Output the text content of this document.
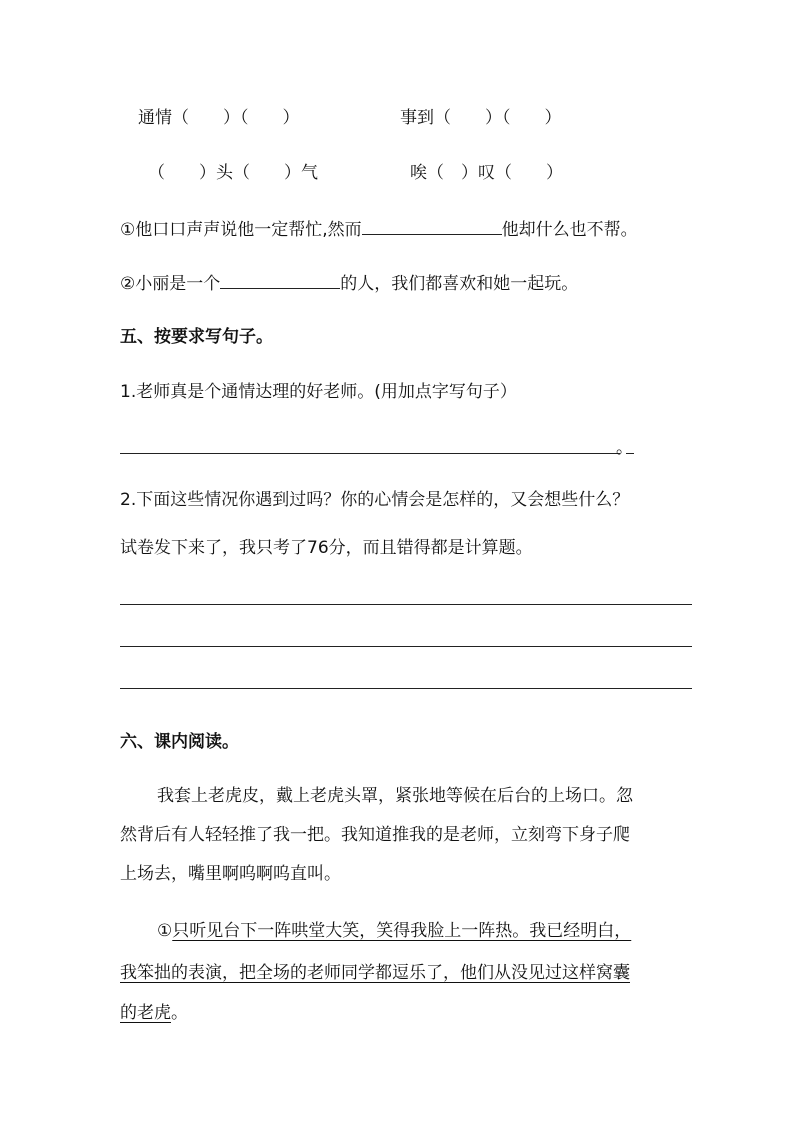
通情（　　）（　　）	事到（　　）（　　）
（　　）头（　　）气	唉（　）叹（　　）
①他口口声声说他一定帮忙,然而	他却什么也不帮。
②小丽是一个	的人，我们都喜欢和她一起玩。
五、按要求写句子。
1.老师真是个通情达理的好老师。(用加点字写句子）
。
2.下面这些情况你遇到过吗？你的心情会是怎样的，又会想些什么？
试卷发下来了，我只考了76分，而且错得都是计算题。
六、课内阅读。
我套上老虎皮，戴上老虎头罩，紧张地等候在后台的上场口。忽
然背后有人轻轻推了我一把。我知道推我的是老师，立刻弯下身子爬
上场去，嘴里啊呜啊呜直叫。
①只听见台下一阵哄堂大笑，笑得我脸上一阵热。我已经明白，
我笨拙的表演，把全场的老师同学都逗乐了，他们从没见过这样窝囊
的老虎。
